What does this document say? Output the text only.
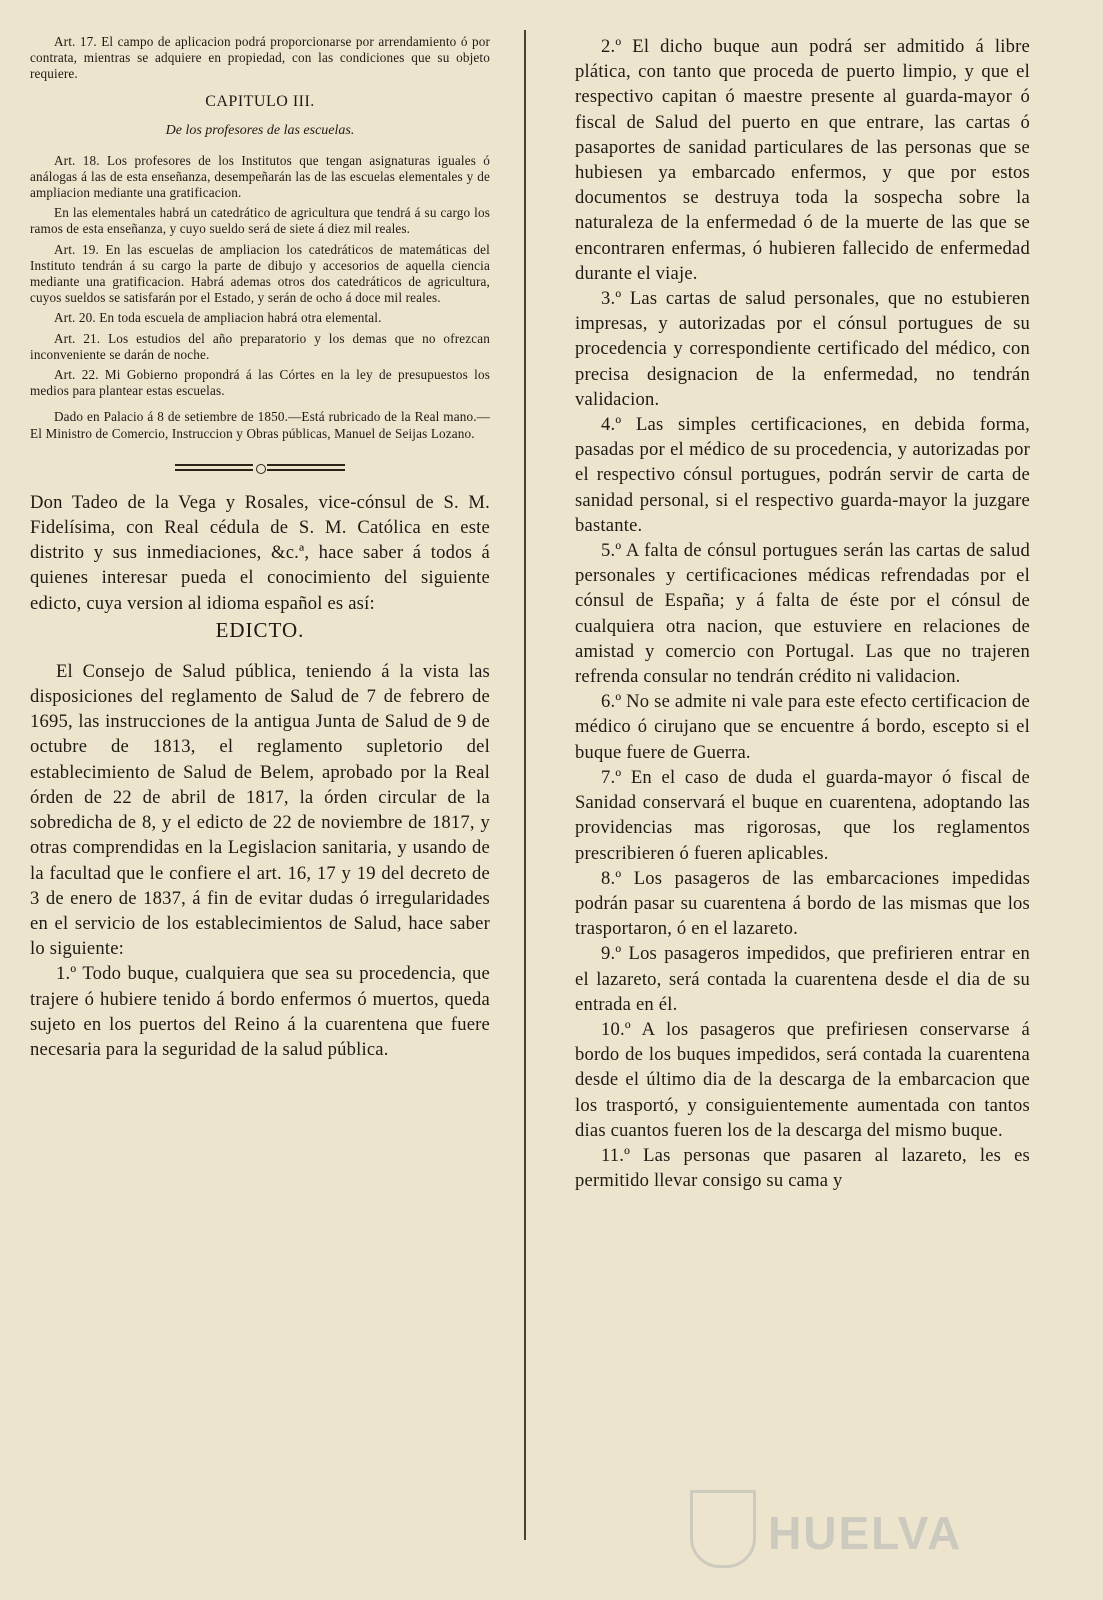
Art. 17. El campo de aplicacion podrá proporcionarse por arrendamiento ó por contrata, mientras se adquiere en propiedad, con las condiciones que su objeto requiere.

CAPITULO III.
De los profesores de las escuelas.

Art. 18. Los profesores de los Institutos que tengan asignaturas iguales ó análogas á las de esta enseñanza, desempeñarán las de las escuelas elementales y de ampliacion mediante una gratificacion.

En las elementales habrá un catedrático de agricultura que tendrá á su cargo los ramos de esta enseñanza, y cuyo sueldo será de siete á diez mil reales.

Art. 19. En las escuelas de ampliacion los catedráticos de matemáticas del Instituto tendrán á su cargo la parte de dibujo y accesorios de aquella ciencia mediante una gratificacion. Habrá ademas otros dos catedráticos de agricultura, cuyos sueldos se satisfarán por el Estado, y serán de ocho á doce mil reales.

Art. 20. En toda escuela de ampliacion habrá otra elemental.

Art. 21. Los estudios del año preparatorio y los demas que no ofrezcan inconveniente se darán de noche.

Art. 22. Mi Gobierno propondrá á las Córtes en la ley de presupuestos los medios para plantear estas escuelas.

Dado en Palacio á 8 de setiembre de 1850.—Está rubricado de la Real mano.—El Ministro de Comercio, Instruccion y Obras públicas, Manuel de Seijas Lozano.

Don Tadeo de la Vega y Rosales, vice-cónsul de S. M. Fidelísima, con Real cédula de S. M. Católica en este distrito y sus inmediaciones, &c.ª, hace saber á todos á quienes interesar pueda el conocimiento del siguiente edicto, cuya version al idioma español es así:

EDICTO.

El Consejo de Salud pública, teniendo á la vista las disposiciones del reglamento de Salud de 7 de febrero de 1695, las instrucciones de la antigua Junta de Salud de 9 de octubre de 1813, el reglamento supletorio del establecimiento de Salud de Belem, aprobado por la Real órden de 22 de abril de 1817, la órden circular de la sobredicha de 8, y el edicto de 22 de noviembre de 1817, y otras comprendidas en la Legislacion sanitaria, y usando de la facultad que le confiere el art. 16, 17 y 19 del decreto de 3 de enero de 1837, á fin de evitar dudas ó irregularidades en el servicio de los establecimientos de Salud, hace saber lo siguiente:

1.º Todo buque, cualquiera que sea su procedencia, que trajere ó hubiere tenido á bordo enfermos ó muertos, queda sujeto en los puertos del Reino á la cuarentena que fuere necesaria para la seguridad de la salud pública.

2.º El dicho buque aun podrá ser admitido á libre plática, con tanto que proceda de puerto limpio, y que el respectivo capitan ó maestre presente al guarda-mayor ó fiscal de Salud del puerto en que entrare, las cartas ó pasaportes de sanidad particulares de las personas que se hubiesen ya embarcado enfermos, y que por estos documentos se destruya toda la sospecha sobre la naturaleza de la enfermedad ó de la muerte de las que se encontraren enfermas, ó hubieren fallecido de enfermedad durante el viaje.

3.º Las cartas de salud personales, que no estubieren impresas, y autorizadas por el cónsul portugues de su procedencia y correspondiente certificado del médico, con precisa designacion de la enfermedad, no tendrán validacion.

4.º Las simples certificaciones, en debida forma, pasadas por el médico de su procedencia, y autorizadas por el respectivo cónsul portugues, podrán servir de carta de sanidad personal, si el respectivo guarda-mayor la juzgare bastante.

5.º A falta de cónsul portugues serán las cartas de salud personales y certificaciones médicas refrendadas por el cónsul de España; y á falta de éste por el cónsul de cualquiera otra nacion, que estuviere en relaciones de amistad y comercio con Portugal. Las que no trajeren refrenda consular no tendrán crédito ni validacion.

6.º No se admite ni vale para este efecto certificacion de médico ó cirujano que se encuentre á bordo, escepto si el buque fuere de Guerra.

7.º En el caso de duda el guarda-mayor ó fiscal de Sanidad conservará el buque en cuarentena, adoptando las providencias mas rigorosas, que los reglamentos prescribieren ó fueren aplicables.

8.º Los pasageros de las embarcaciones impedidas podrán pasar su cuarentena á bordo de las mismas que los trasportaron, ó en el lazareto.

9.º Los pasageros impedidos, que prefirieren entrar en el lazareto, será contada la cuarentena desde el dia de su entrada en él.

10.º A los pasageros que prefiriesen conservarse á bordo de los buques impedidos, será contada la cuarentena desde el último dia de la descarga de la embarcacion que los trasportó, y consiguientemente aumentada con tantos dias cuantos fueren los de la descarga del mismo buque.

11.º Las personas que pasaren al lazareto, les es permitido llevar consigo su cama y

HUELVA
